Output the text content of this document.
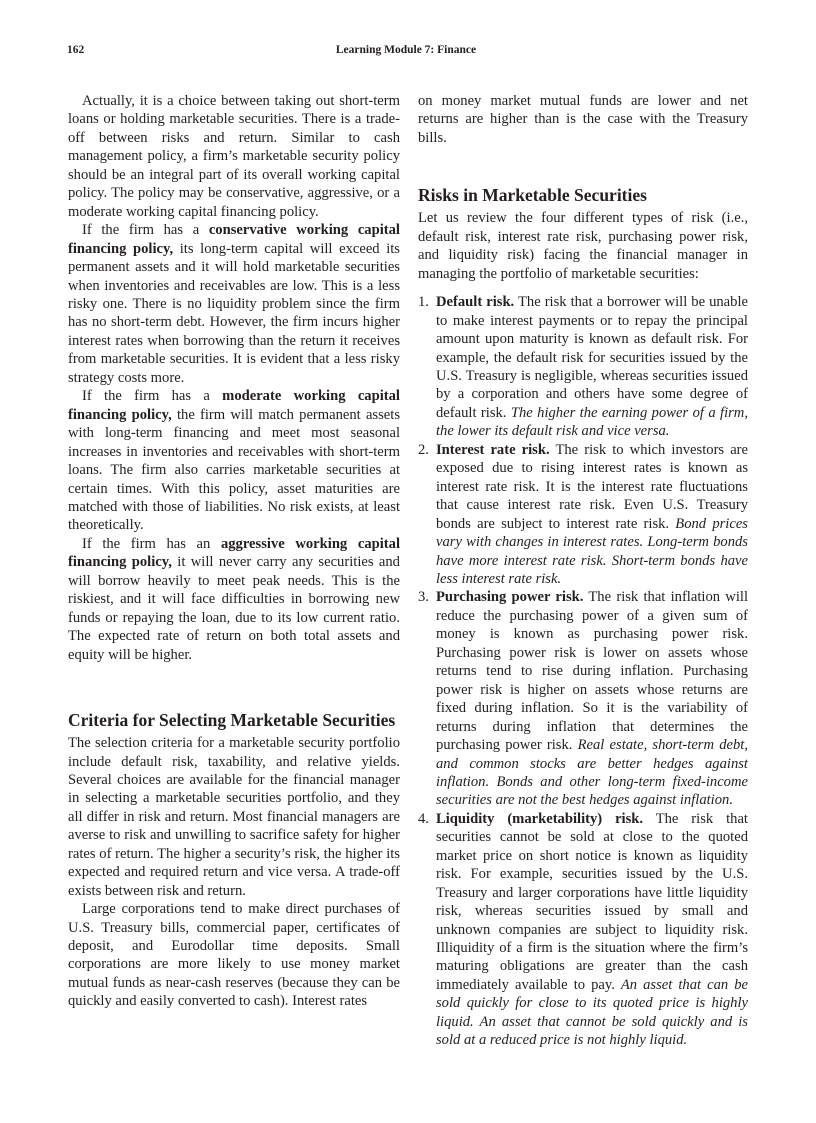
162	Learning Module 7: Finance

Actually, it is a choice between taking out short-term loans or holding marketable securities. There is a trade-off between risks and return. Similar to cash management policy, a firm’s marketable security policy should be an integral part of its overall working capital policy. The policy may be conservative, aggressive, or a moderate working capital financing policy.

If the firm has a conservative working capital financing policy, its long-term capital will exceed its permanent assets and it will hold marketable securities when inventories and receivables are low. This is a less risky one. There is no liquidity problem since the firm has no short-term debt. However, the firm incurs higher interest rates when borrowing than the return it receives from marketable securities. It is evident that a less risky strategy costs more.

If the firm has a moderate working capital financing policy, the firm will match permanent assets with long-term financing and meet most seasonal increases in inventories and receivables with short-term loans. The firm also carries marketable securities at certain times. With this policy, asset maturities are matched with those of liabilities. No risk exists, at least theoretically.

If the firm has an aggressive working capital financing policy, it will never carry any securities and will borrow heavily to meet peak needs. This is the riskiest, and it will face difficulties in borrowing new funds or repaying the loan, due to its low current ratio. The expected rate of return on both total assets and equity will be higher.

Criteria for Selecting Marketable Securities

The selection criteria for a marketable security portfolio include default risk, taxability, and relative yields. Several choices are available for the financial manager in selecting a marketable securities portfolio, and they all differ in risk and return. Most financial managers are averse to risk and unwilling to sacrifice safety for higher rates of return. The higher a security’s risk, the higher its expected and required return and vice versa. A trade-off exists between risk and return.

Large corporations tend to make direct purchases of U.S. Treasury bills, commercial paper, certificates of deposit, and Eurodollar time deposits. Small corporations are more likely to use money market mutual funds as near-cash reserves (because they can be quickly and easily converted to cash). Interest rates

on money market mutual funds are lower and net returns are higher than is the case with the Treasury bills.

Risks in Marketable Securities

Let us review the four different types of risk (i.e., default risk, interest rate risk, purchasing power risk, and liquidity risk) facing the financial manager in managing the portfolio of marketable securities:

1. Default risk. The risk that a borrower will be unable to make interest payments or to repay the principal amount upon maturity is known as default risk. For example, the default risk for securities issued by the U.S. Treasury is negligible, whereas securities issued by a corporation and others have some degree of default risk. The higher the earning power of a firm, the lower its default risk and vice versa.
2. Interest rate risk. The risk to which investors are exposed due to rising interest rates is known as interest rate risk. It is the interest rate fluctuations that cause interest rate risk. Even U.S. Treasury bonds are subject to interest rate risk. Bond prices vary with changes in interest rates. Long-term bonds have more interest rate risk. Short-term bonds have less interest rate risk.
3. Purchasing power risk. The risk that inflation will reduce the purchasing power of a given sum of money is known as purchasing power risk. Purchasing power risk is lower on assets whose returns tend to rise during inflation. Purchasing power risk is higher on assets whose returns are fixed during inflation. So it is the variability of returns during inflation that determines the purchasing power risk. Real estate, short-term debt, and common stocks are better hedges against inflation. Bonds and other long-term fixed-income securities are not the best hedges against inflation.
4. Liquidity (marketability) risk. The risk that securities cannot be sold at close to the quoted market price on short notice is known as liquidity risk. For example, securities issued by the U.S. Treasury and larger corporations have little liquidity risk, whereas securities issued by small and unknown companies are subject to liquidity risk. Illiquidity of a firm is the situation where the firm’s maturing obligations are greater than the cash immediately available to pay. An asset that can be sold quickly for close to its quoted price is highly liquid. An asset that cannot be sold quickly and is sold at a reduced price is not highly liquid.
